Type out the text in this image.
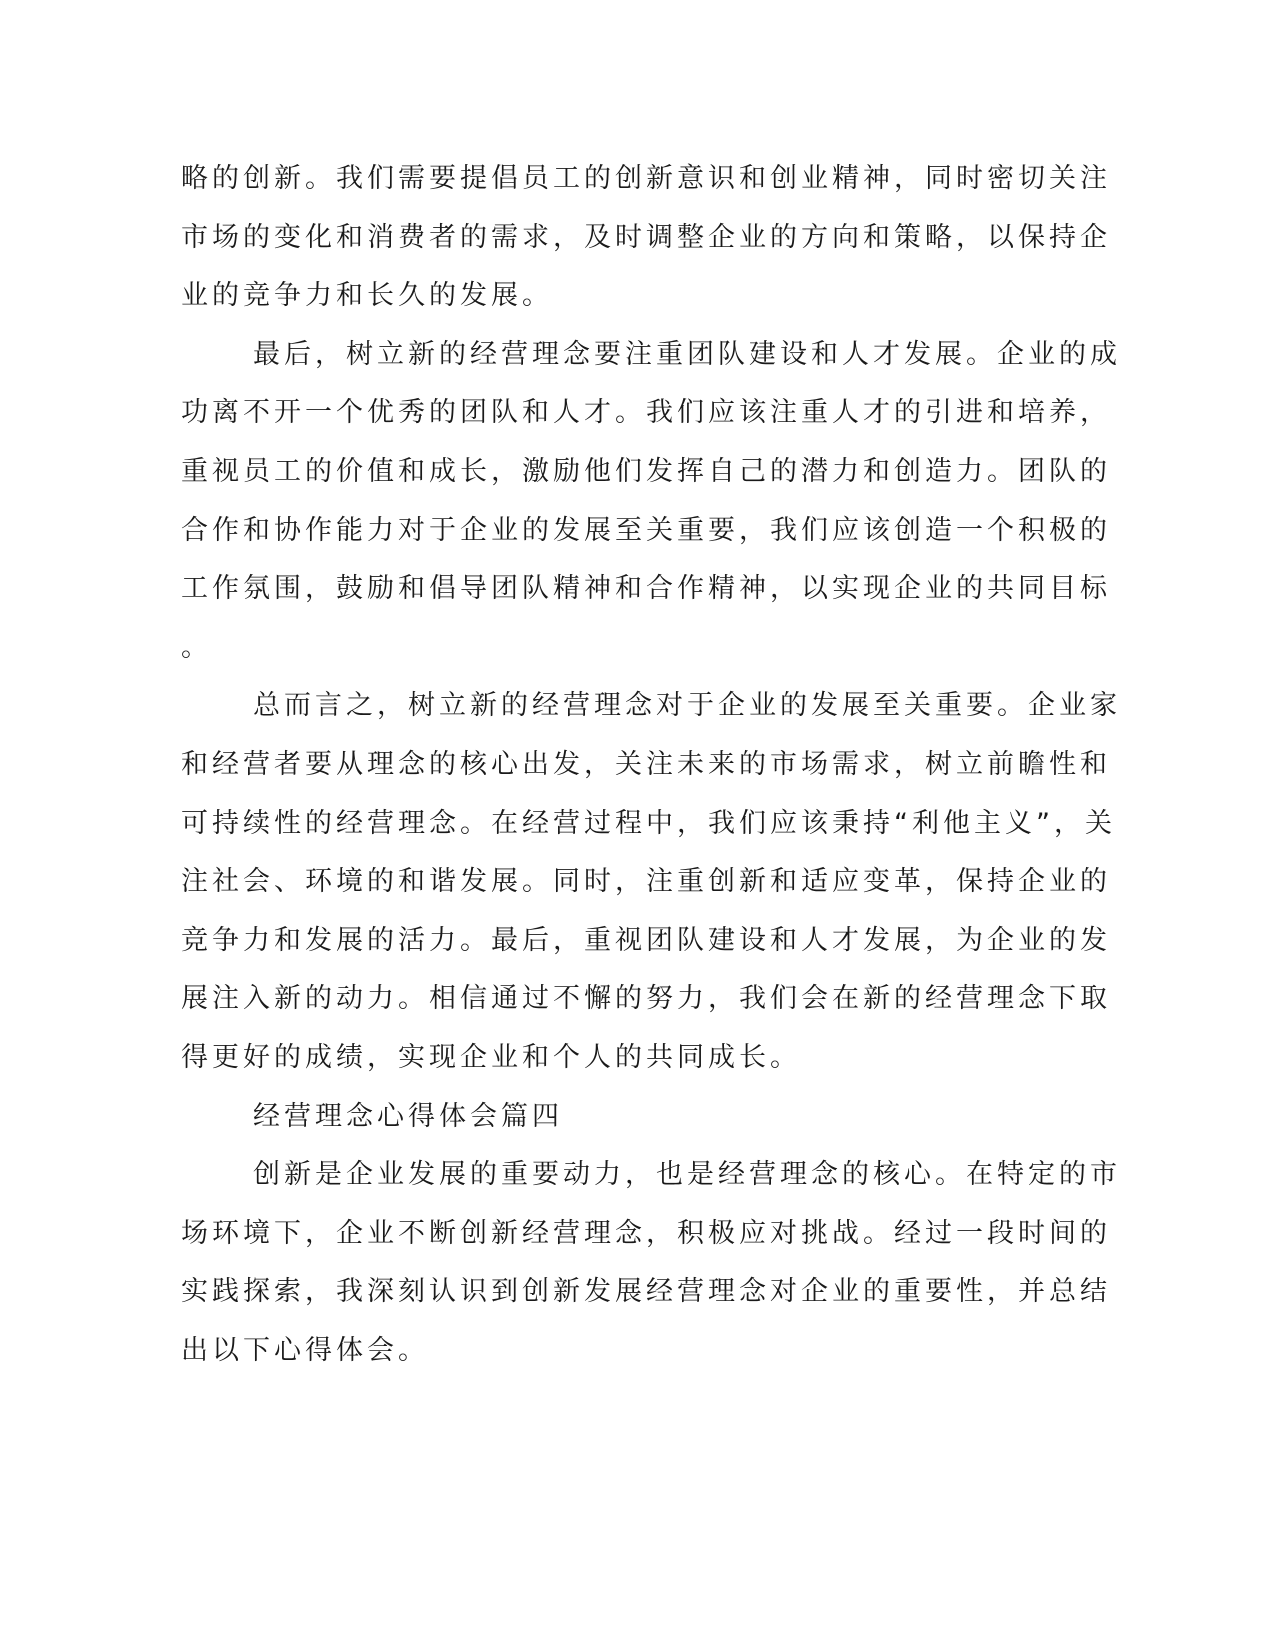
略的创新。我们需要提倡员工的创新意识和创业精神，同时密切关注
市场的变化和消费者的需求，及时调整企业的方向和策略，以保持企
业的竞争力和长久的发展。
最后，树立新的经营理念要注重团队建设和人才发展。企业的成
功离不开一个优秀的团队和人才。我们应该注重人才的引进和培养，
重视员工的价值和成长，激励他们发挥自己的潜力和创造力。团队的
合作和协作能力对于企业的发展至关重要，我们应该创造一个积极的
工作氛围，鼓励和倡导团队精神和合作精神，以实现企业的共同目标
。
总而言之，树立新的经营理念对于企业的发展至关重要。企业家
和经营者要从理念的核心出发，关注未来的市场需求，树立前瞻性和
可持续性的经营理念。在经营过程中，我们应该秉持“利他主义”，关
注社会、环境的和谐发展。同时，注重创新和适应变革，保持企业的
竞争力和发展的活力。最后，重视团队建设和人才发展，为企业的发
展注入新的动力。相信通过不懈的努力，我们会在新的经营理念下取
得更好的成绩，实现企业和个人的共同成长。
经营理念心得体会篇四
创新是企业发展的重要动力，也是经营理念的核心。在特定的市
场环境下，企业不断创新经营理念，积极应对挑战。经过一段时间的
实践探索，我深刻认识到创新发展经营理念对企业的重要性，并总结
出以下心得体会。
